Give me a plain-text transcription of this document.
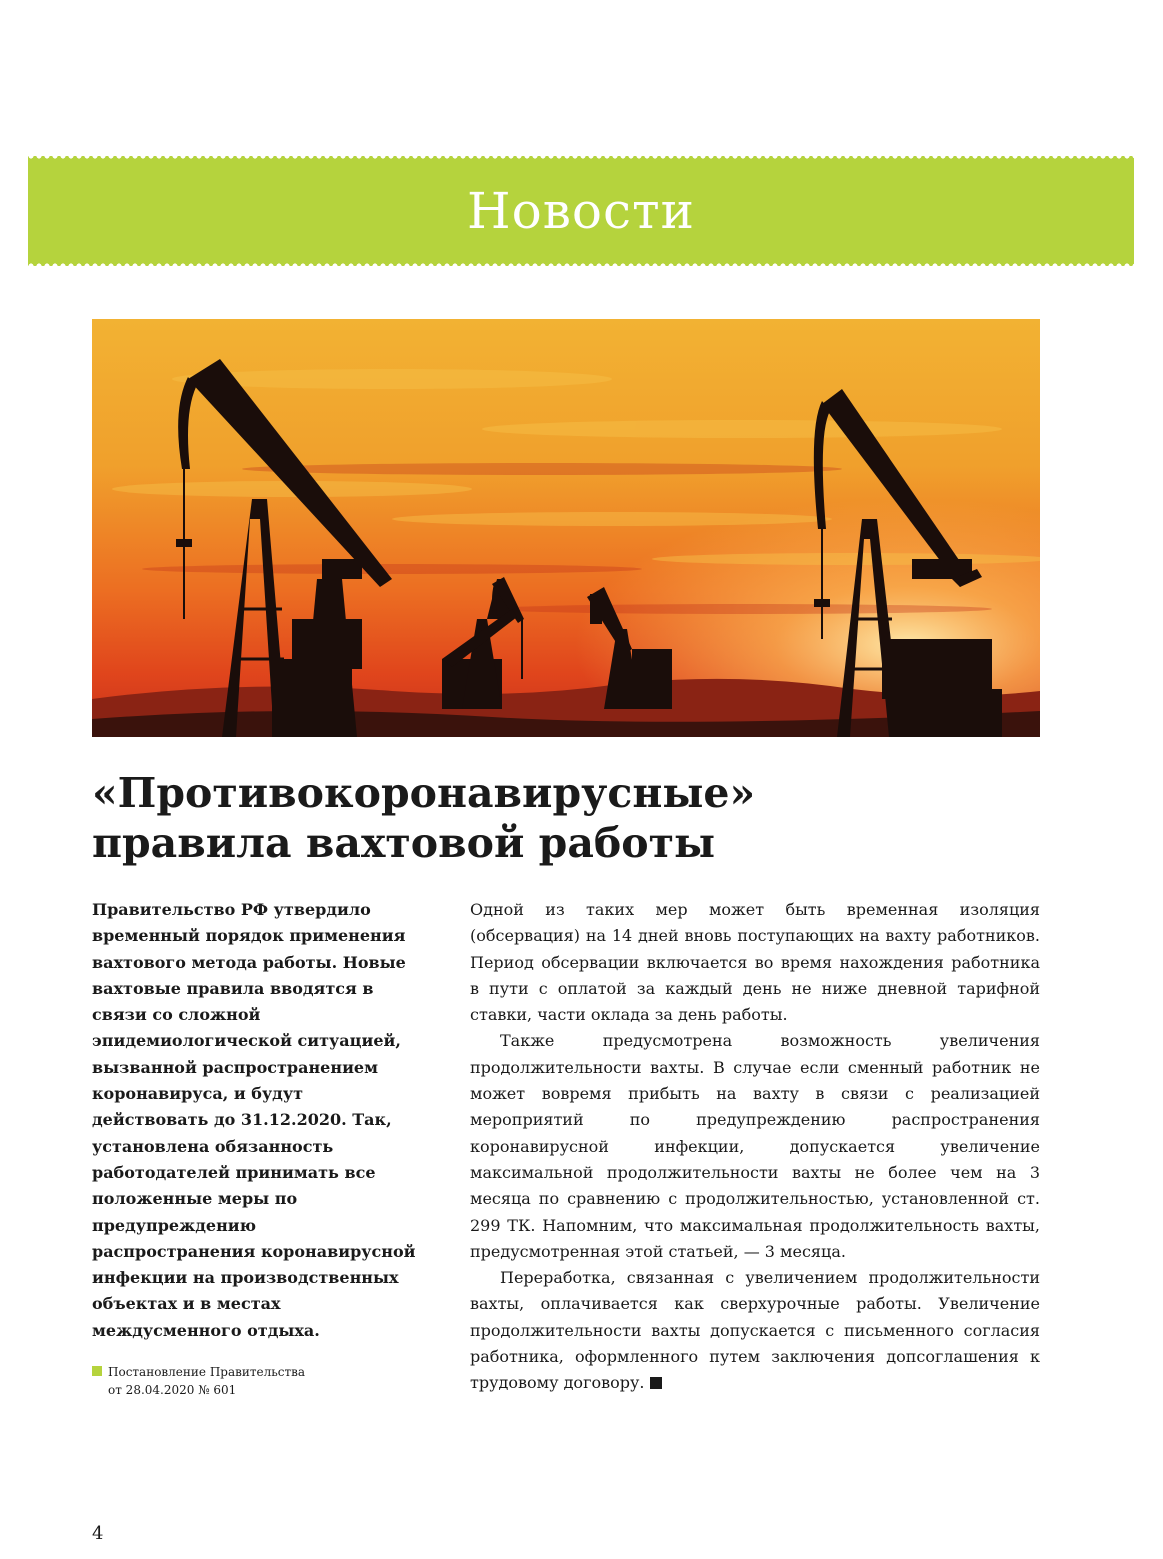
Новости
«Противокоронавирусные»
правила вахтовой работы
Правительство РФ утвердило временный порядок применения вахтового метода работы. Новые вахтовые правила вводятся в связи со сложной эпидемиологической ситуацией, вызванной распространением коронавируса, и будут действовать до 31.12.2020. Так, установлена обязанность работодателей принимать все положенные меры по предупреждению распространения коронавирусной инфекции на производственных объектах и в местах междусменного отдыха.
Постановление Правительства
от 28.04.2020 № 601

Одной из таких мер может быть временная изоляция (обсервация) на 14 дней вновь поступающих на вахту работников. Период обсервации включается во время нахождения работника в пути с оплатой за каждый день не ниже дневной тарифной ставки, части оклада за день работы.

Также предусмотрена возможность увеличения продолжительности вахты. В случае если сменный работник не может вовремя прибыть на вахту в связи с реализацией мероприятий по предупреждению распространения коронавирусной инфекции, допускается увеличение максимальной продолжительности вахты не более чем на 3 месяца по сравнению с продолжительностью, установленной ст. 299 ТК. Напомним, что максимальная продолжительность вахты, предусмотренная этой статьей, — 3 месяца.

Переработка, связанная с увеличением продолжительности вахты, оплачивается как сверхурочные работы. Увеличение продолжительности вахты допускается с письменного согласия работника, оформленного путем заключения допсоглашения к трудовому договору.

4
